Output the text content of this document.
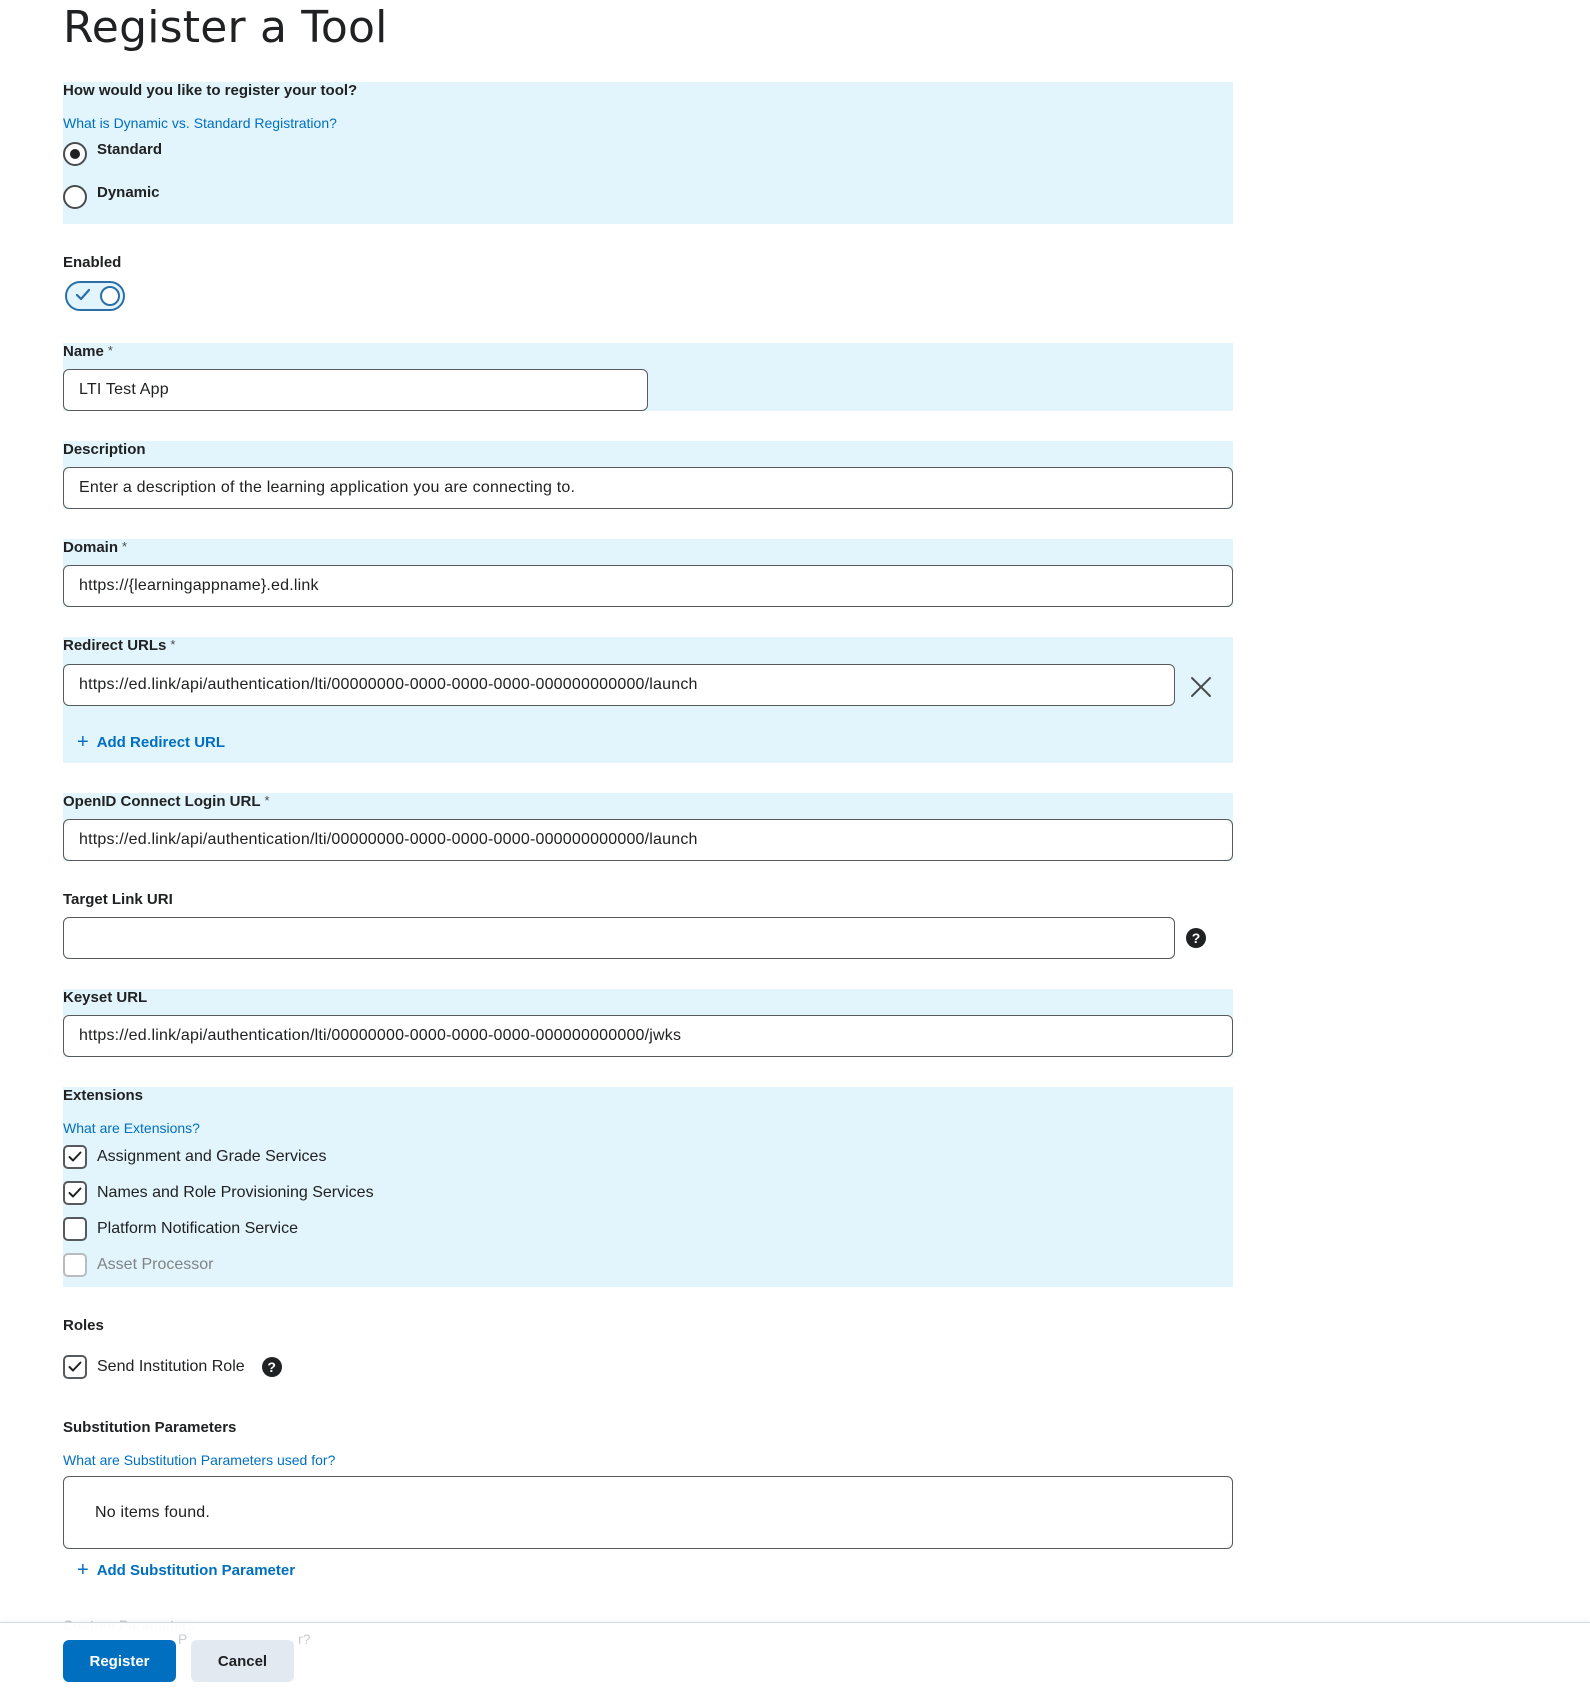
Register a Tool
How would you like to register your tool?
What is Dynamic vs. Standard Registration?
Standard
Dynamic
Enabled
Name *
LTI Test App
Description
Enter a description of the learning application you are connecting to.
Domain *
https://{learningappname}.ed.link
Redirect URLs *
https://ed.link/api/authentication/lti/00000000-0000-0000-0000-000000000000/launch
+ Add Redirect URL
OpenID Connect Login URL *
https://ed.link/api/authentication/lti/00000000-0000-0000-0000-000000000000/launch
Target Link URI
?
Keyset URL
https://ed.link/api/authentication/lti/00000000-0000-0000-0000-000000000000/jwks
Extensions
What are Extensions?
Assignment and Grade Services
Names and Role Provisioning Services
Platform Notification Service
Asset Processor
Roles
Send Institution Role	?
Substitution Parameters
What are Substitution Parameters used for?
No items found.
+ Add Substitution Parameter
P	r?
Register	Cancel
